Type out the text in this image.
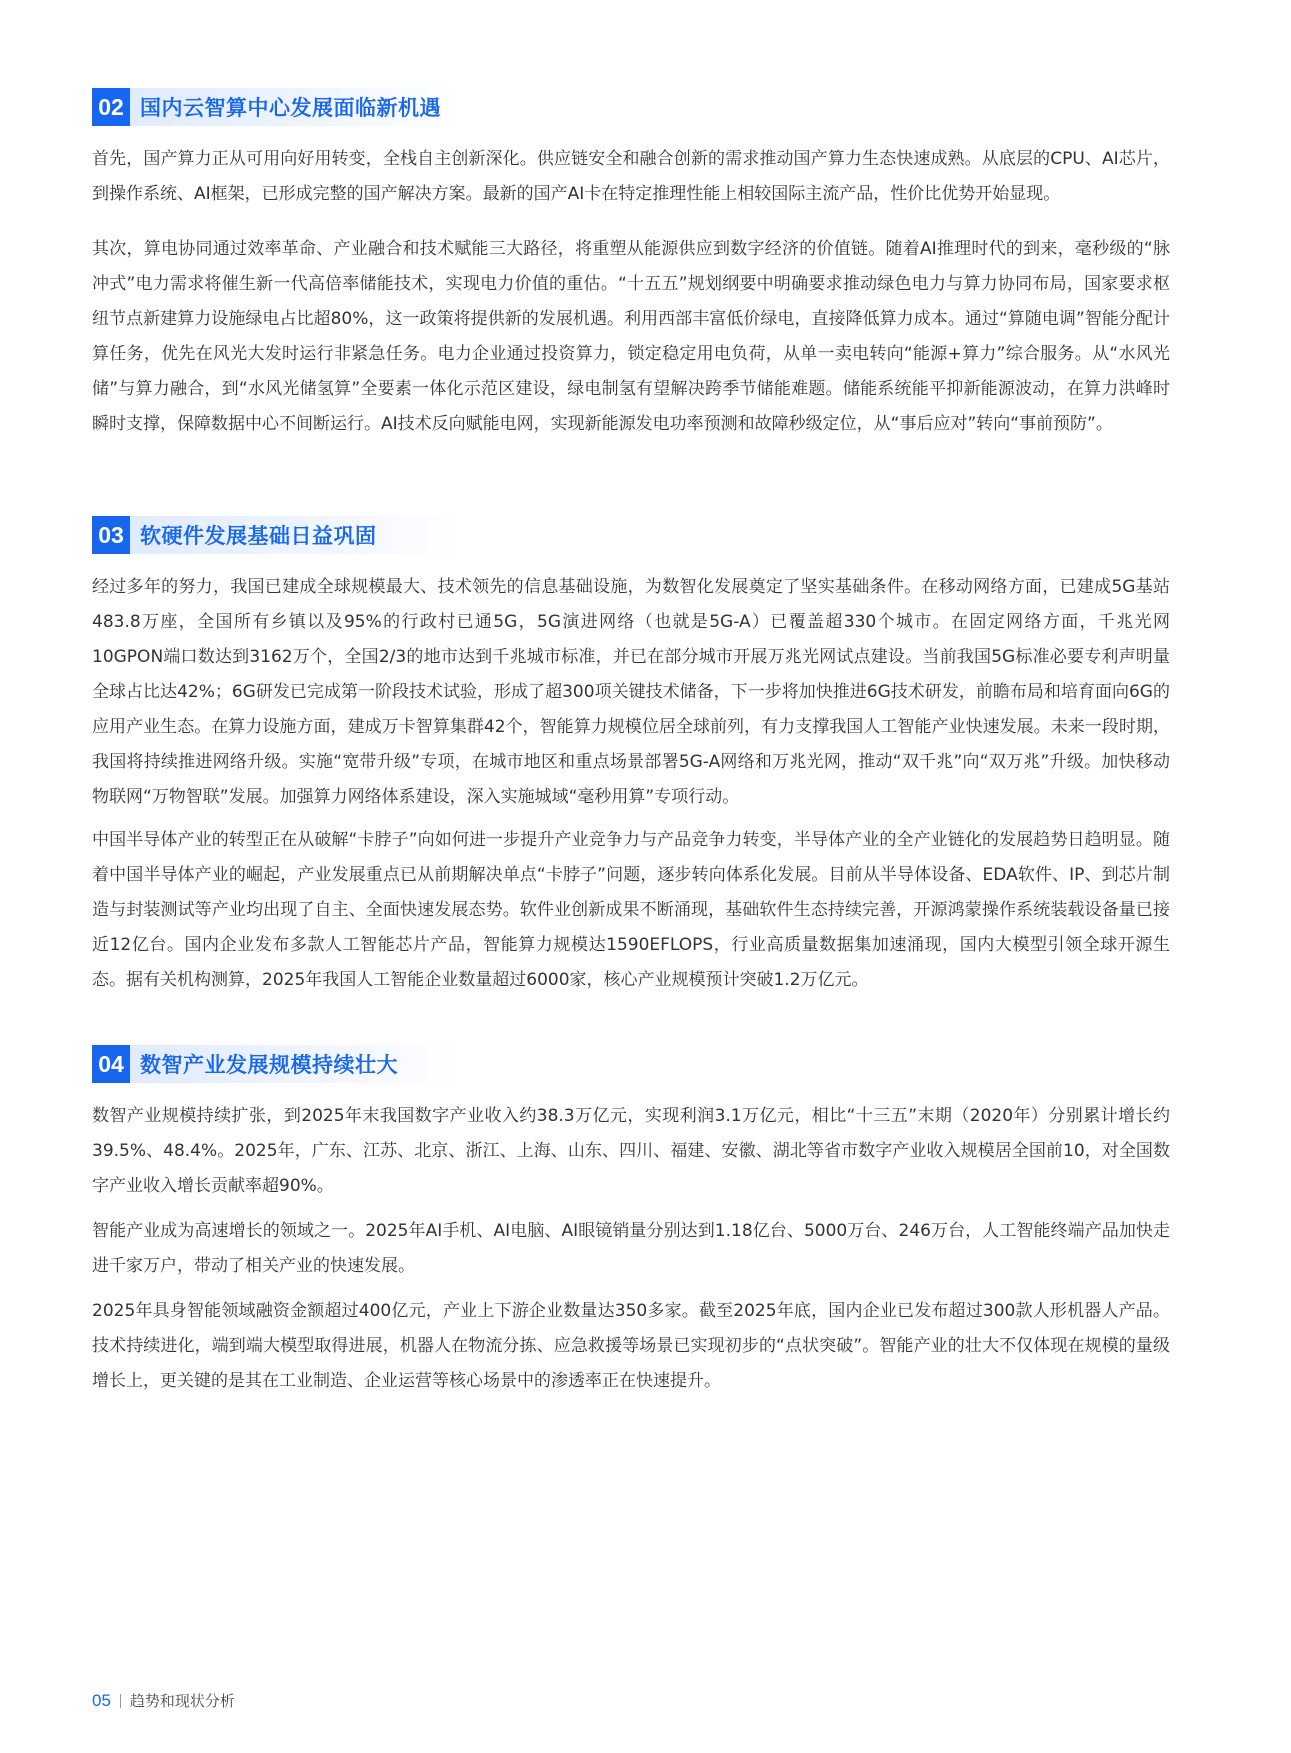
02 国内云智算中心发展面临新机遇

首先，国产算力正从可用向好用转变，全栈自主创新深化。供应链安全和融合创新的需求推动国产算力生态快速成熟。从底层的CPU、AI芯片，到操作系统、AI框架，已形成完整的国产解决方案。最新的国产AI卡在特定推理性能上相较国际主流产品，性价比优势开始显现。

其次，算电协同通过效率革命、产业融合和技术赋能三大路径，将重塑从能源供应到数字经济的价值链。随着AI推理时代的到来，毫秒级的“脉冲式”电力需求将催生新一代高倍率储能技术，实现电力价值的重估。“十五五”规划纲要中明确要求推动绿色电力与算力协同布局，国家要求枢纽节点新建算力设施绿电占比超80%，这一政策将提供新的发展机遇。利用西部丰富低价绿电，直接降低算力成本。通过“算随电调”智能分配计算任务，优先在风光大发时运行非紧急任务。电力企业通过投资算力，锁定稳定用电负荷，从单一卖电转向“能源+算力”综合服务。从“水风光储”与算力融合，到“水风光储氢算”全要素一体化示范区建设，绿电制氢有望解决跨季节储能难题。储能系统能平抑新能源波动，在算力洪峰时瞬时支撑，保障数据中心不间断运行。AI技术反向赋能电网，实现新能源发电功率预测和故障秒级定位，从“事后应对”转向“事前预防”。

03 软硬件发展基础日益巩固

经过多年的努力，我国已建成全球规模最大、技术领先的信息基础设施，为数智化发展奠定了坚实基础条件。在移动网络方面，已建成5G基站483.8万座，全国所有乡镇以及95%的行政村已通5G，5G演进网络（也就是5G-A）已覆盖超330个城市。在固定网络方面，千兆光网10GPON端口数达到3162万个，全国2/3的地市达到千兆城市标准，并已在部分城市开展万兆光网试点建设。当前我国5G标准必要专利声明量全球占比达42%；6G研发已完成第一阶段技术试验，形成了超300项关键技术储备，下一步将加快推进6G技术研发，前瞻布局和培育面向6G的应用产业生态。在算力设施方面，建成万卡智算集群42个，智能算力规模位居全球前列，有力支撑我国人工智能产业快速发展。未来一段时期，我国将持续推进网络升级。实施“宽带升级”专项，在城市地区和重点场景部署5G-A网络和万兆光网，推动“双千兆”向“双万兆”升级。加快移动物联网“万物智联”发展。加强算力网络体系建设，深入实施城域“毫秒用算”专项行动。

中国半导体产业的转型正在从破解“卡脖子”向如何进一步提升产业竞争力与产品竞争力转变，半导体产业的全产业链化的发展趋势日趋明显。随着中国半导体产业的崛起，产业发展重点已从前期解决单点“卡脖子”问题，逐步转向体系化发展。目前从半导体设备、EDA软件、IP、到芯片制造与封装测试等产业均出现了自主、全面快速发展态势。软件业创新成果不断涌现，基础软件生态持续完善，开源鸿蒙操作系统装载设备量已接近12亿台。国内企业发布多款人工智能芯片产品，智能算力规模达1590EFLOPS，行业高质量数据集加速涌现，国内大模型引领全球开源生态。据有关机构测算，2025年我国人工智能企业数量超过6000家，核心产业规模预计突破1.2万亿元。

04 数智产业发展规模持续壮大

数智产业规模持续扩张，到2025年末我国数字产业收入约38.3万亿元，实现利润3.1万亿元，相比“十三五”末期（2020年）分别累计增长约39.5%、48.4%。2025年，广东、江苏、北京、浙江、上海、山东、四川、福建、安徽、湖北等省市数字产业收入规模居全国前10，对全国数字产业收入增长贡献率超90%。

智能产业成为高速增长的领域之一。2025年AI手机、AI电脑、AI眼镜销量分别达到1.18亿台、5000万台、246万台，人工智能终端产品加快走进千家万户，带动了相关产业的快速发展。

2025年具身智能领域融资金额超过400亿元，产业上下游企业数量达350多家。截至2025年底，国内企业已发布超过300款人形机器人产品。技术持续进化，端到端大模型取得进展，机器人在物流分拣、应急救援等场景已实现初步的“点状突破”。智能产业的壮大不仅体现在规模的量级增长上，更关键的是其在工业制造、企业运营等核心场景中的渗透率正在快速提升。

05 趋势和现状分析
